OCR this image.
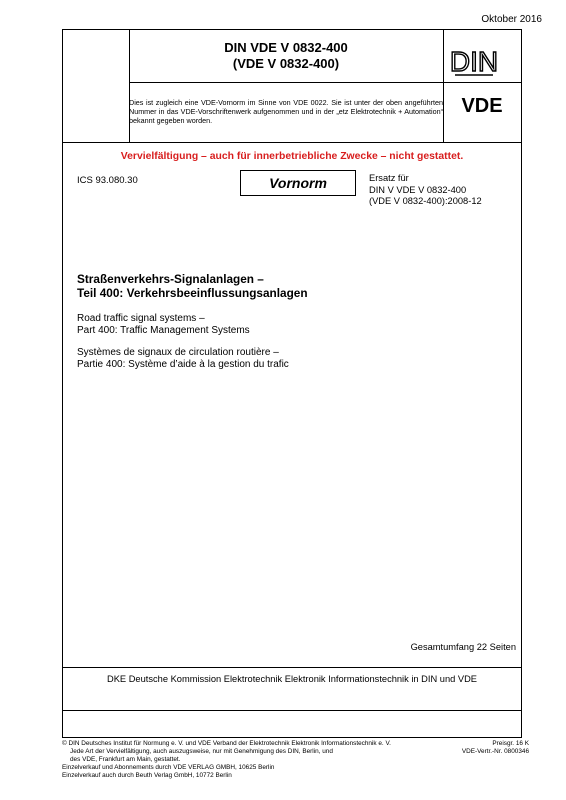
Oktober 2016
DIN VDE V 0832-400
(VDE V 0832-400)	DIN
Dies ist zugleich eine VDE-Vornorm im Sinne von VDE 0022. Sie ist unter der oben angeführten Nummer in das VDE-Vorschriftenwerk aufgenommen und in der „etz Elektrotechnik + Automation“ bekannt gegeben worden.
VDE
Vervielfältigung – auch für innerbetriebliche Zwecke – nicht gestattet.
ICS 93.080.30	Vornorm	Ersatz für
DIN V VDE V 0832-400
(VDE V 0832-400):2008-12
Straßenverkehrs-Signalanlagen –
Teil 400: Verkehrsbeeinflussungsanlagen
Road traffic signal systems –
Part 400: Traffic Management Systems
Systèmes de signaux de circulation routière –
Partie 400: Système d’aide à la gestion du trafic
Gesamtumfang 22 Seiten
DKE Deutsche Kommission Elektrotechnik Elektronik Informationstechnik in DIN und VDE
© DIN Deutsches Institut für Normung e. V. und VDE Verband der Elektrotechnik Elektronik Informationstechnik e. V.
Jede Art der Vervielfältigung, auch auszugsweise, nur mit Genehmigung des DIN, Berlin, und
des VDE, Frankfurt am Main, gestattet.
Einzelverkauf und Abonnements durch VDE VERLAG GMBH, 10625 Berlin
Einzelverkauf auch durch Beuth Verlag GmbH, 10772 Berlin
Preisgr. 16 K
VDE-Vertr.-Nr. 0800346
